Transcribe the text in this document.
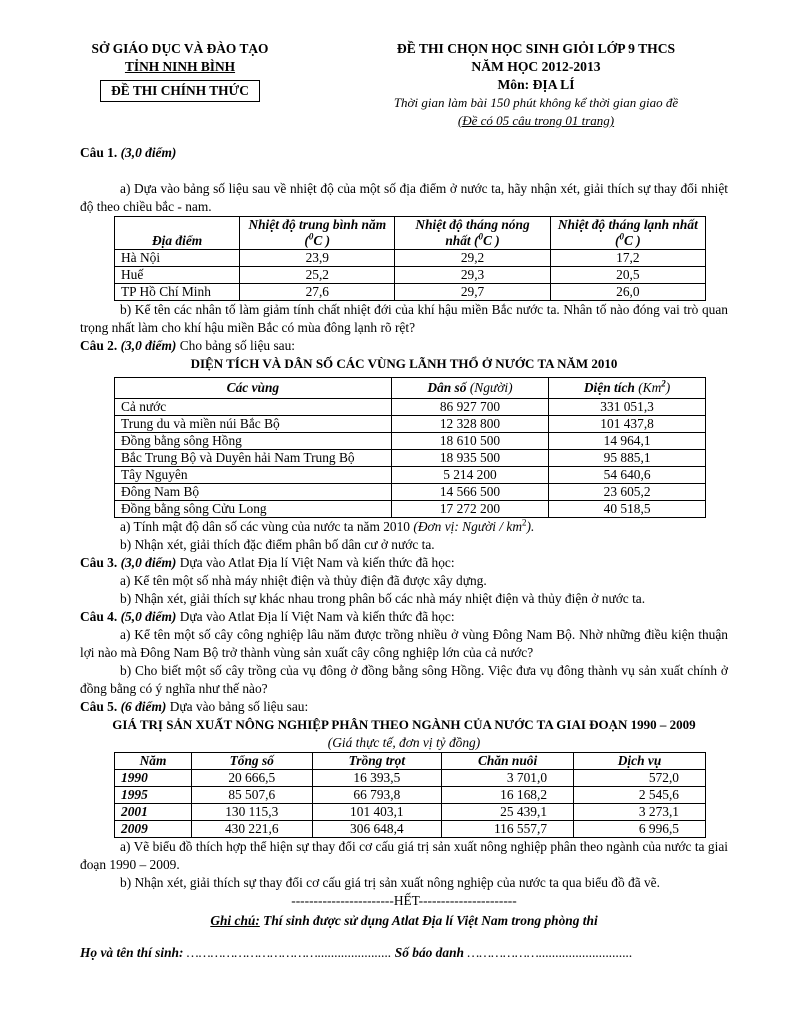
SỞ GIÁO DỤC VÀ ĐÀO TẠO
TỈNH NINH BÌNH
ĐỀ THI CHÍNH THỨC
ĐỀ THI CHỌN HỌC SINH GIỎI LỚP 9 THCS
NĂM HỌC 2012-2013
Môn: ĐỊA LÍ
Thời gian làm bài 150 phút không kể thời gian giao đề
(Đề có 05 câu trong 01 trang)

Câu 1. (3,0 điểm)

a) Dựa vào bảng số liệu sau về nhiệt độ của một số địa điểm ở nước ta, hãy nhận xét, giải thích sự thay đổi nhiệt độ theo chiều bắc - nam.

Địa điểm	Nhiệt độ trung bình năm ($^0$C )	Nhiệt độ tháng nóng nhất ($^0$C )	Nhiệt độ tháng lạnh nhất ($^0$C )
Hà Nội	23,9	29,2	17,2
Huế	25,2	29,3	20,5
TP Hồ Chí Minh	27,6	29,7	26,0

b) Kể tên các nhân tố làm giảm tính chất nhiệt đới của khí hậu miền Bắc nước ta. Nhân tố nào đóng vai trò quan trọng nhất làm cho khí hậu miền Bắc có mùa đông lạnh rõ rệt?

Câu 2. (3,0 điểm) Cho bảng số liệu sau:

DIỆN TÍCH VÀ DÂN SỐ CÁC VÙNG LÃNH THỔ Ở NƯỚC TA NĂM 2010
Các vùng	Dân số (Người)	Diện tích (Km$^2$)
Cả nước	86 927 700	331 051,3
Trung du và miền núi Bắc Bộ	12 328 800	101 437,8
Đồng bằng sông Hồng	18 610 500	14 964,1
Bắc Trung Bộ và Duyên hải Nam Trung Bộ	18 935 500	95 885,1
Tây Nguyên	5 214 200	54 640,6
Đông Nam Bộ	14 566 500	23 605,2
Đồng bằng sông Cửu Long	17 272 200	40 518,5

a) Tính mật độ dân số các vùng của nước ta năm 2010 (Đơn vị: Người / $km^2$).

b) Nhận xét, giải thích đặc điểm phân bố dân cư ở nước ta.

Câu 3. (3,0 điểm) Dựa vào Atlat Địa lí Việt Nam và kiến thức đã học:

a) Kể tên một số nhà máy nhiệt điện và thủy điện đã được xây dựng.

b) Nhận xét, giải thích sự khác nhau trong phân bố các nhà máy nhiệt điện và thủy điện ở nước ta.

Câu 4. (5,0 điểm) Dựa vào Atlat Địa lí Việt Nam và kiến thức đã học:

a) Kể tên một số cây công nghiệp lâu năm được trồng nhiều ở vùng Đông Nam Bộ. Nhờ những điều kiện thuận lợi nào mà Đông Nam Bộ trở thành vùng sản xuất cây công nghiệp lớn của cả nước?

b) Cho biết một số cây trồng của vụ đông ở đồng bằng sông Hồng. Việc đưa vụ đông thành vụ sản xuất chính ở đồng bằng có ý nghĩa như thế nào?

Câu 5. (6 điểm) Dựa vào bảng số liệu sau:

GIÁ TRỊ SẢN XUẤT NÔNG NGHIỆP PHÂN THEO NGÀNH CỦA NƯỚC TA GIAI ĐOẠN 1990 – 2009
(Giá thực tế, đơn vị tỷ đồng)
Năm	Tổng số	Trồng trọt	Chăn nuôi	Dịch vụ
1990	20 666,5	16 393,5	3 701,0	572,0
1995	85 507,6	66 793,8	16 168,2	2 545,6
2001	130 115,3	101 403,1	25 439,1	3 273,1
2009	430 221,6	306 648,4	116 557,7	6 996,5

a) Vẽ biểu đồ thích hợp thể hiện sự thay đổi cơ cấu giá trị sản xuất nông nghiệp phân theo ngành của nước ta giai đoạn 1990 – 2009.

b) Nhận xét, giải thích sự thay đổi cơ cấu giá trị sản xuất nông nghiệp của nước ta qua biểu đồ đã vẽ.

-----------------------HẾT----------------------
Ghi chú: Thí sinh được sử dụng Atlat Địa lí Việt Nam trong phòng thi
Họ và tên thí sinh: ……………………………...................... Số báo danh ………………............................
